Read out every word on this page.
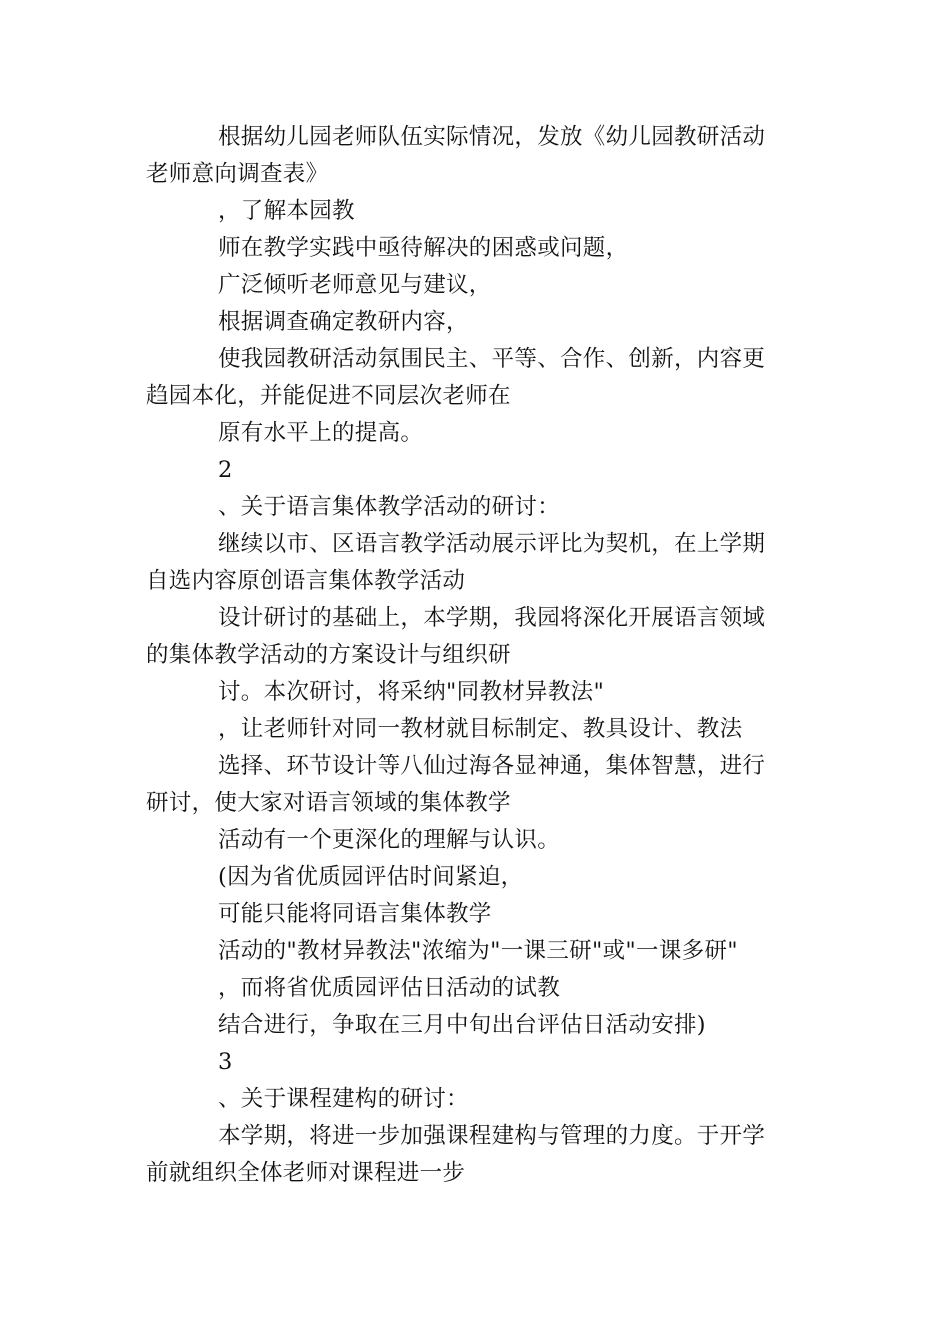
根据幼儿园老师队伍实际情况，发放《幼儿园教研活动
老师意向调查表》
，了解本园教
师在教学实践中亟待解决的困惑或问题，
广泛倾听老师意见与建议，
根据调查确定教研内容，
使我园教研活动氛围民主、平等、合作、创新，内容更
趋园本化，并能促进不同层次老师在
原有水平上的提高。
2
、关于语言集体教学活动的研讨：
继续以市、区语言教学活动展示评比为契机，在上学期
自选内容原创语言集体教学活动
设计研讨的基础上，本学期，我园将深化开展语言领域
的集体教学活动的方案设计与组织研
讨。本次研讨，将采纳"同教材异教法"
，让老师针对同一教材就目标制定、教具设计、教法
选择、环节设计等八仙过海各显神通，集体智慧，进行
研讨，使大家对语言领域的集体教学
活动有一个更深化的理解与认识。
(因为省优质园评估时间紧迫，
可能只能将同语言集体教学
活动的"教材异教法"浓缩为"一课三研"或"一课多研"
，而将省优质园评估日活动的试教
结合进行，争取在三月中旬出台评估日活动安排)
3
、关于课程建构的研讨：
本学期，将进一步加强课程建构与管理的力度。于开学
前就组织全体老师对课程进一步
